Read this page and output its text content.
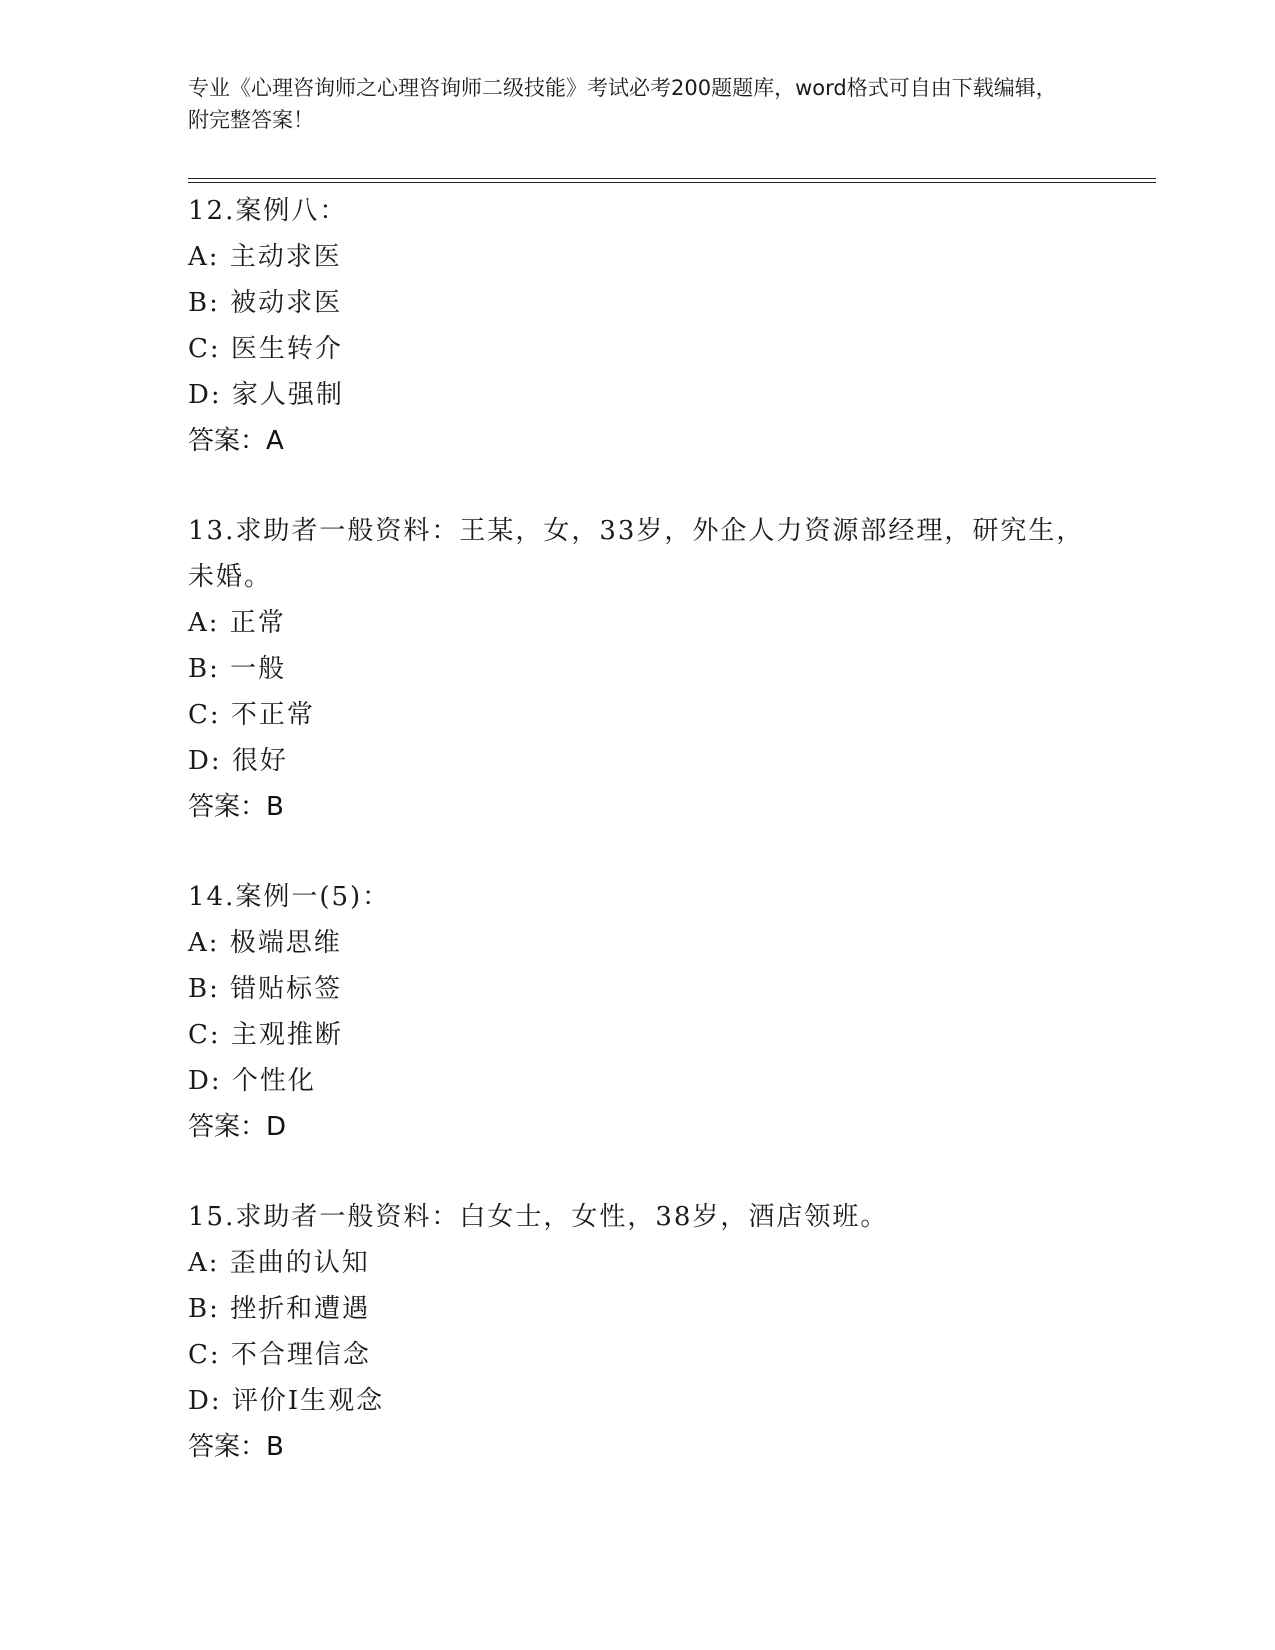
专业《心理咨询师之心理咨询师二级技能》考试必考200题题库，word格式可自由下载编辑，附完整答案！
12.案例八：
A: 主动求医
B: 被动求医
C: 医生转介
D: 家人强制
答案：A
13.求助者一般资料：王某，女，33岁，外企人力资源部经理，研究生，未婚。
A: 正常
B: 一般
C: 不正常
D: 很好
答案：B
14.案例一(5)：
A: 极端思维
B: 错贴标签
C: 主观推断
D: 个性化
答案：D
15.求助者一般资料：白女士，女性，38岁，酒店领班。
A: 歪曲的认知
B: 挫折和遭遇
C: 不合理信念
D: 评价I生观念
答案：B
